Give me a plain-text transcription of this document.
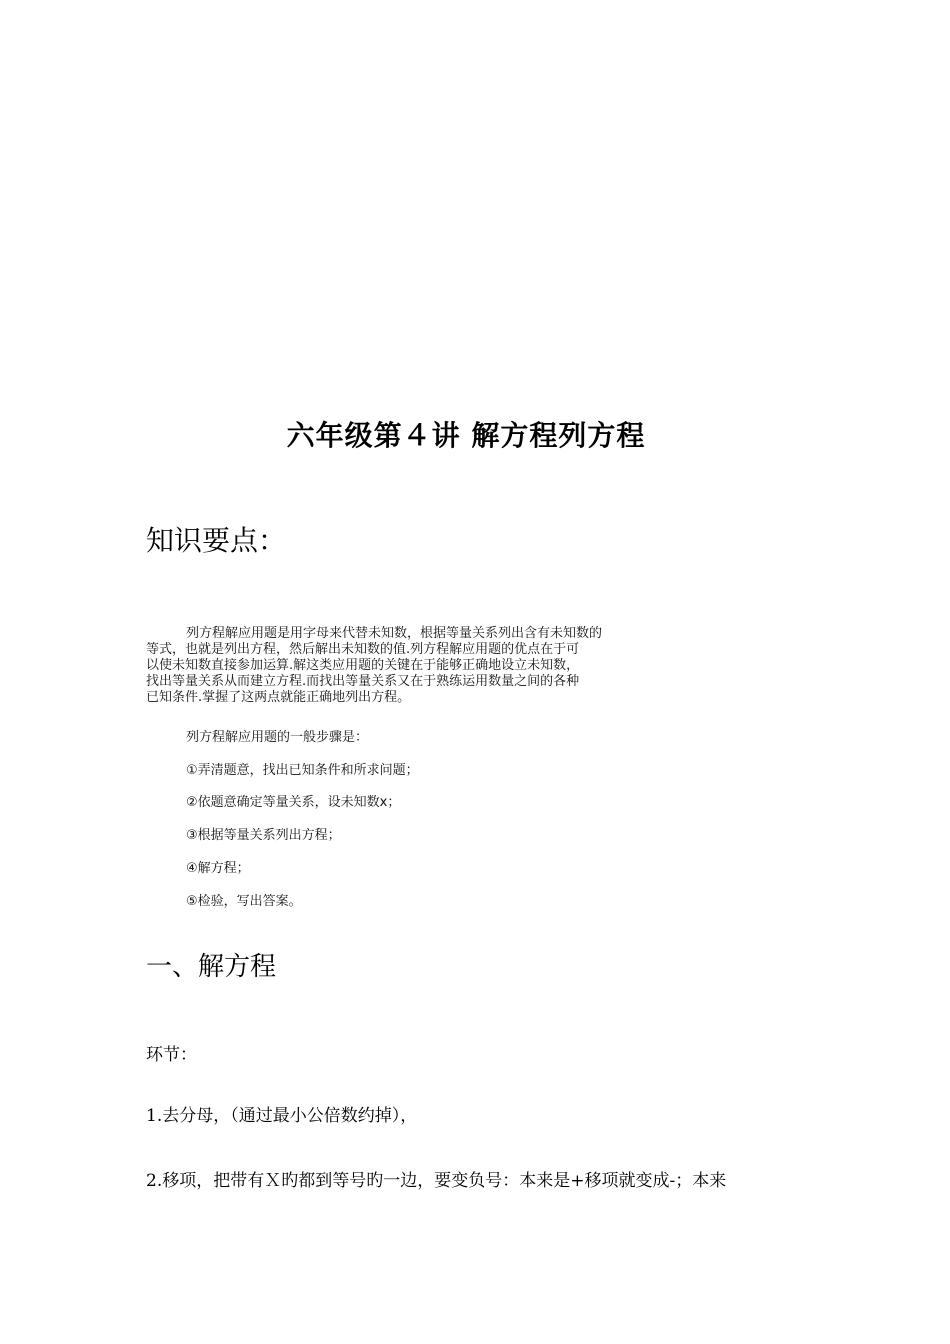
六年级第４讲 解方程列方程
知识要点：

列方程解应用题是用字母来代替未知数，根据等量关系列出含有未知数的

等式，也就是列出方程，然后解出未知数的值.列方程解应用题的优点在于可

以使未知数直接参加运算.解这类应用题的关键在于能够正确地设立未知数，

找出等量关系从而建立方程.而找出等量关系又在于熟练运用数量之间的各种

已知条件.掌握了这两点就能正确地列出方程。

列方程解应用题的一般步骤是：
①弄清题意，找出已知条件和所求问题；
②依题意确定等量关系，设未知数x；
③根据等量关系列出方程；
④解方程；
⑤检验，写出答案。
一、解方程
环节：
1.去分母，（通过最小公倍数约掉），
2.移项，把带有Ｘ旳都到等号旳一边，要变负号：本来是+移项就变成-；本来
